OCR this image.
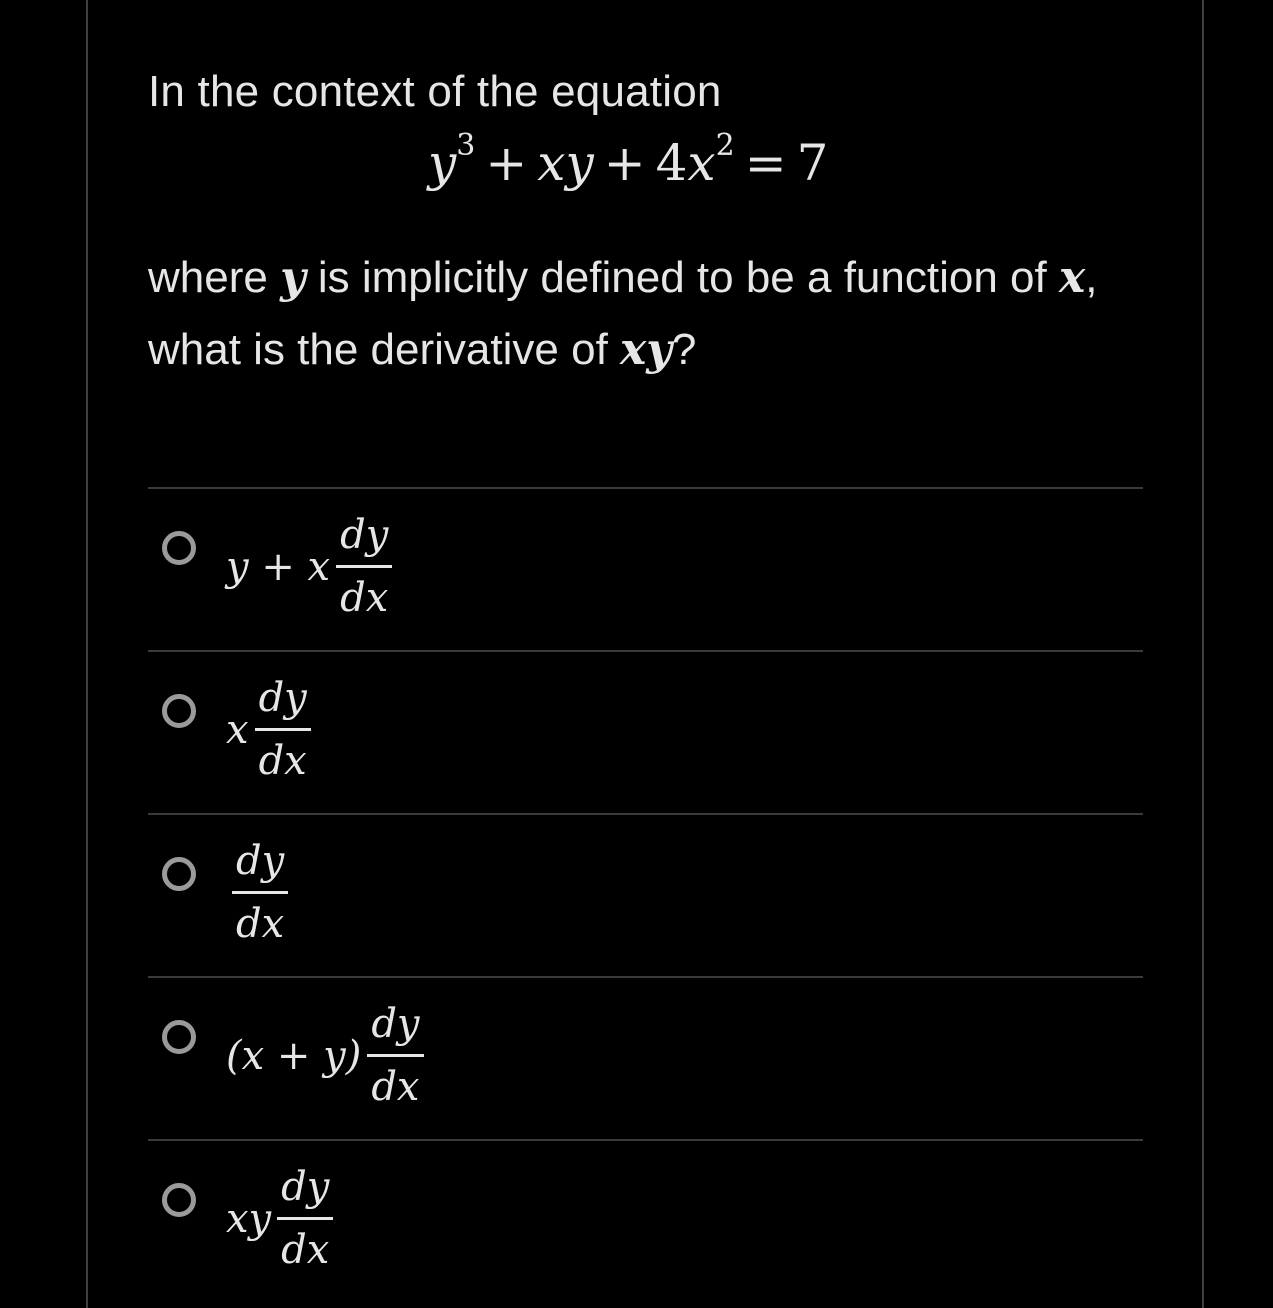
In the context of the equation
$y^3$ + xy + $4x^2 = 7$
where y is implicitly defined to be a function of x, what is the derivative of xy?
y + x $\frac{dy}{dx}$
x $\frac{dy}{dx}$
$\frac{dy}{dx}$
$(x + y) \frac{dy}{dx}$
xy $\frac{dy}{dx}$
